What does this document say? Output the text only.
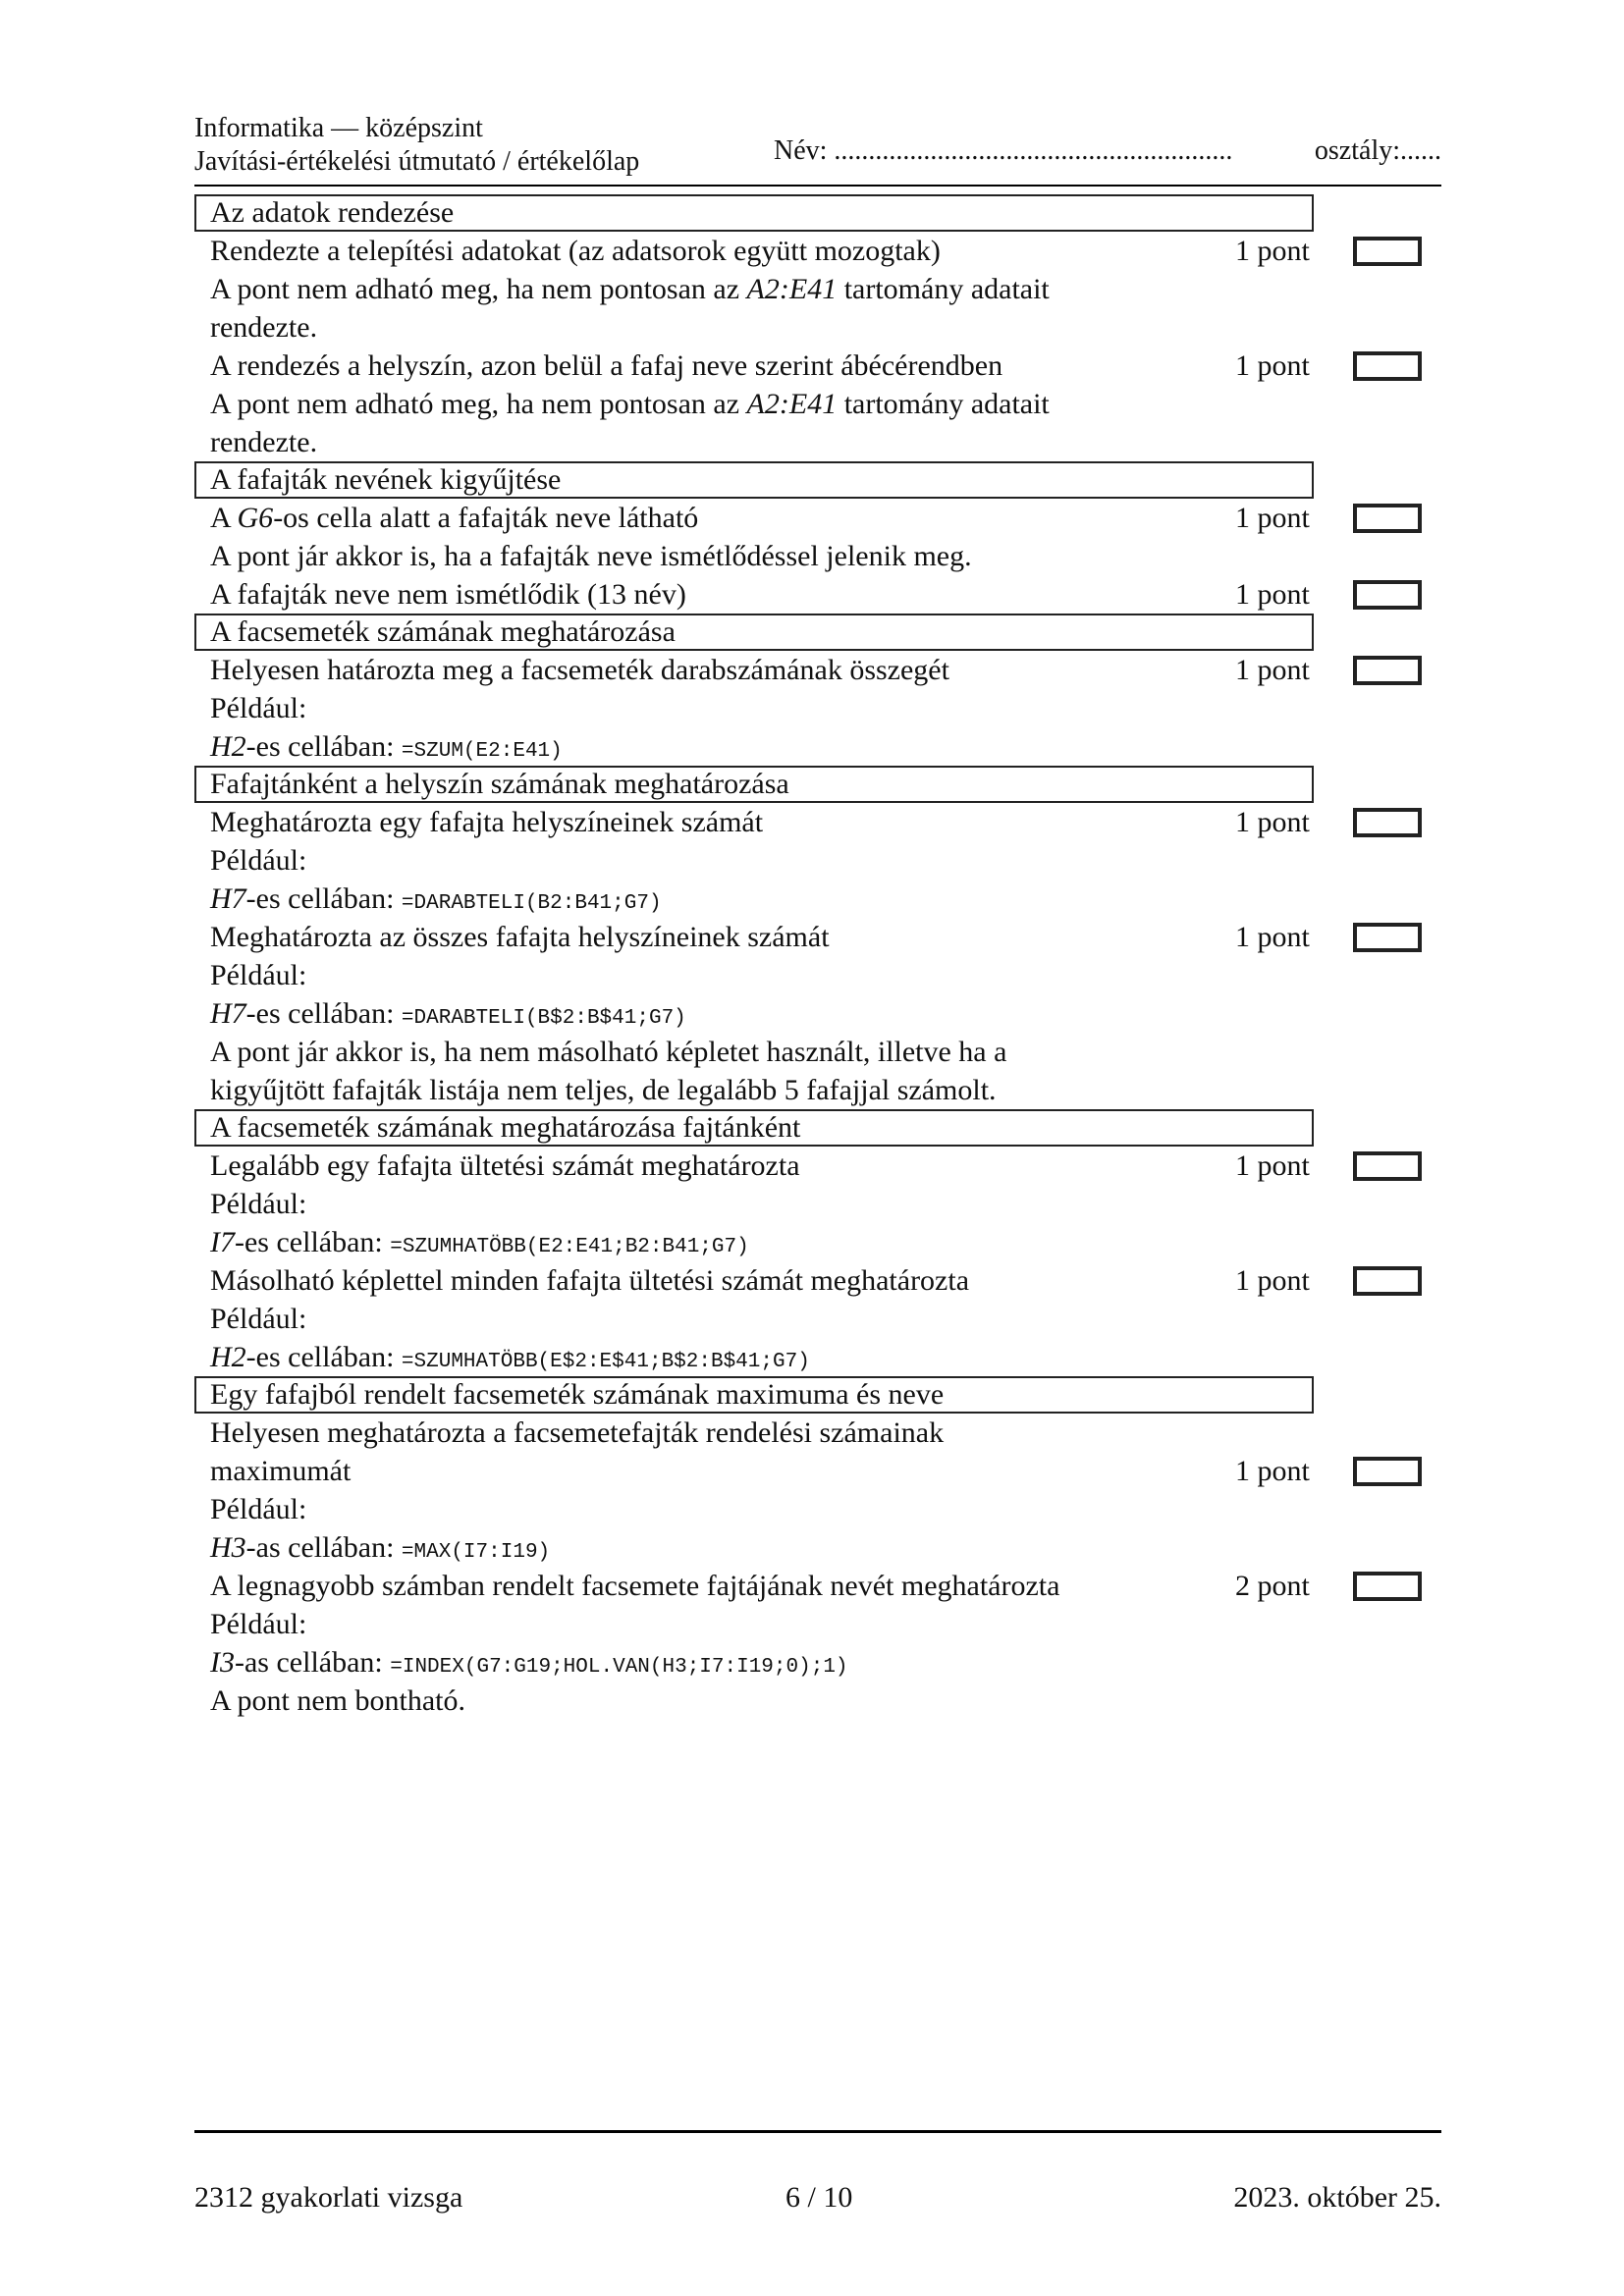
Informatika — középszint
Javítási-értékelési útmutató / értékelőlap	Név: ..........................................................	osztály:......
Az adatok rendezése
Rendezte a telepítési adatokat (az adatsorok együtt mozogtak)	1 pont
A pont nem adható meg, ha nem pontosan az A2:E41 tartomány adatait
rendezte.
A rendezés a helyszín, azon belül a fafaj neve szerint ábécérendben	1 pont
A pont nem adható meg, ha nem pontosan az A2:E41 tartomány adatait
rendezte.
A fafajták nevének kigyűjtése
A G6-os cella alatt a fafajták neve látható	1 pont
A pont jár akkor is, ha a fafajták neve ismétlődéssel jelenik meg.
A fafajták neve nem ismétlődik (13 név)	1 pont
A facsemeték számának meghatározása
Helyesen határozta meg a facsemeték darabszámának összegét	1 pont
Például:
H2-es cellában: =SZUM(E2:E41)
Fafajtánként a helyszín számának meghatározása
Meghatározta egy fafajta helyszíneinek számát	1 pont
Például:
H7-es cellában: =DARABTELI(B2:B41;G7)
Meghatározta az összes fafajta helyszíneinek számát	1 pont
Például:
H7-es cellában: =DARABTELI(B$2:B$41;G7)
A pont jár akkor is, ha nem másolható képletet használt, illetve ha a
kigyűjtött fafajták listája nem teljes, de legalább 5 fafajjal számolt.
A facsemeték számának meghatározása fajtánként
Legalább egy fafajta ültetési számát meghatározta	1 pont
Például:
I7-es cellában: =SZUMHATÖBB(E2:E41;B2:B41;G7)
Másolható képlettel minden fafajta ültetési számát meghatározta	1 pont
Például:
H2-es cellában: =SZUMHATÖBB(E$2:E$41;B$2:B$41;G7)
Egy fafajból rendelt facsemeték számának maximuma és neve
Helyesen meghatározta a facsemetefajták rendelési számainak
maximumát	1 pont
Például:
H3-as cellában: =MAX(I7:I19)
A legnagyobb számban rendelt facsemete fajtájának nevét meghatározta	2 pont
Például:
I3-as cellában: =INDEX(G7:G19;HOL.VAN(H3;I7:I19;0);1)
A pont nem bontható.
2312 gyakorlati vizsga	6 / 10	2023. október 25.
